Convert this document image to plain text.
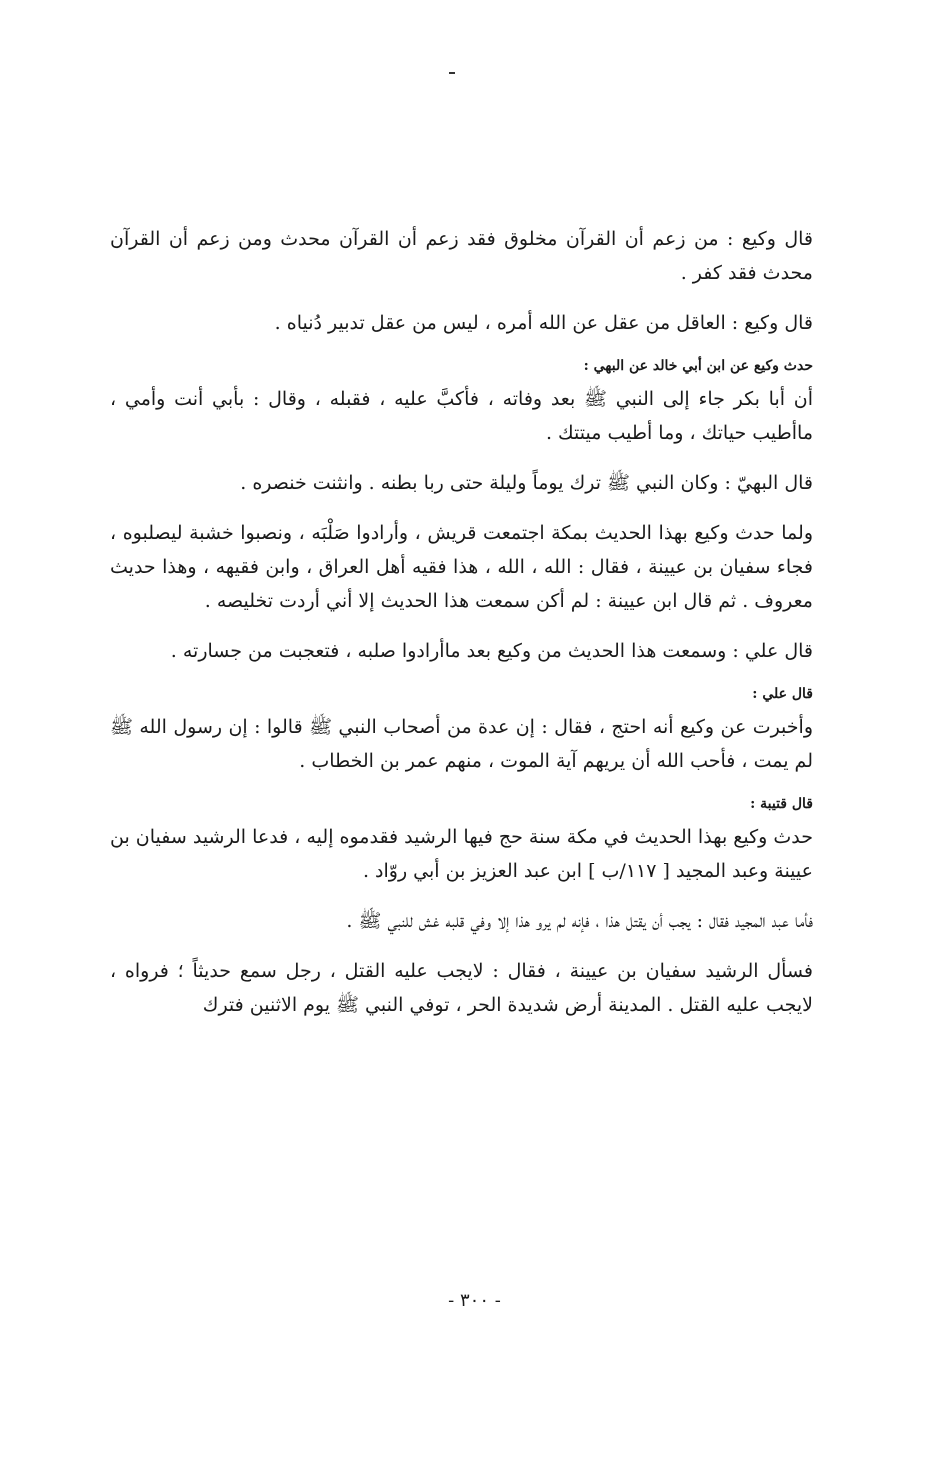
قال وكيع : من زعم أن القرآن مخلوق فقد زعم أن القرآن محدث ومن زعم أن القرآن محدث فقد كفر .

قال وكيع : العاقل من عقل عن الله أمره ، ليس من عقل تدبير دُنياه .

حدث وكيع عن ابن أبي خالد عن البهي :

أن أبا بكر جاء إلى النبي ﷺ بعد وفاته ، فأكبَّ عليه ، فقبله ، وقال : بأبي أنت وأمي ، ماأطيب حياتك ، وما أطيب ميتتك .

قال البهيّ : وكان النبي ﷺ ترك يوماً وليلة حتى ربا بطنه . وانثنت خنصره .

ولما حدث وكيع بهذا الحديث بمكة اجتمعت قريش ، وأرادوا صَلْبَه ، ونصبوا خشبة ليصلبوه ، فجاء سفيان بن عيينة ، فقال : الله ، الله ، هذا فقيه أهل العراق ، وابن فقيهه ، وهذا حديث معروف . ثم قال ابن عيينة : لم أكن سمعت هذا الحديث إلا أني أردت تخليصه .

قال علي : وسمعت هذا الحديث من وكيع بعد ماأرادوا صلبه ، فتعجبت من جسارته .

قال علي :

وأخبرت عن وكيع أنه احتج ، فقال : إن عدة من أصحاب النبي ﷺ قالوا : إن رسول الله ﷺ لم يمت ، فأحب الله أن يريهم آية الموت ، منهم عمر بن الخطاب .

قال قتيبة :

حدث وكيع بهذا الحديث في مكة سنة حج فيها الرشيد فقدموه إليه ، فدعا الرشيد سفيان بن عيينة وعبد المجيد [ ١١٧/ب ] ابن عبد العزيز بن أبي روّاد .

فأما عبد المجيد فقال : يجب أن يقتل هذا ، فإنه لم يرو هذا إلا وفي قلبه غش للنبي ﷺ .

فسأل الرشيد سفيان بن عيينة ، فقال : لايجب عليه القتل ، رجل سمع حديثاً ؛ فرواه ، لايجب عليه القتل . المدينة أرض شديدة الحر ، توفي النبي ﷺ يوم الاثنين فترك

- ٣٠٠ -
